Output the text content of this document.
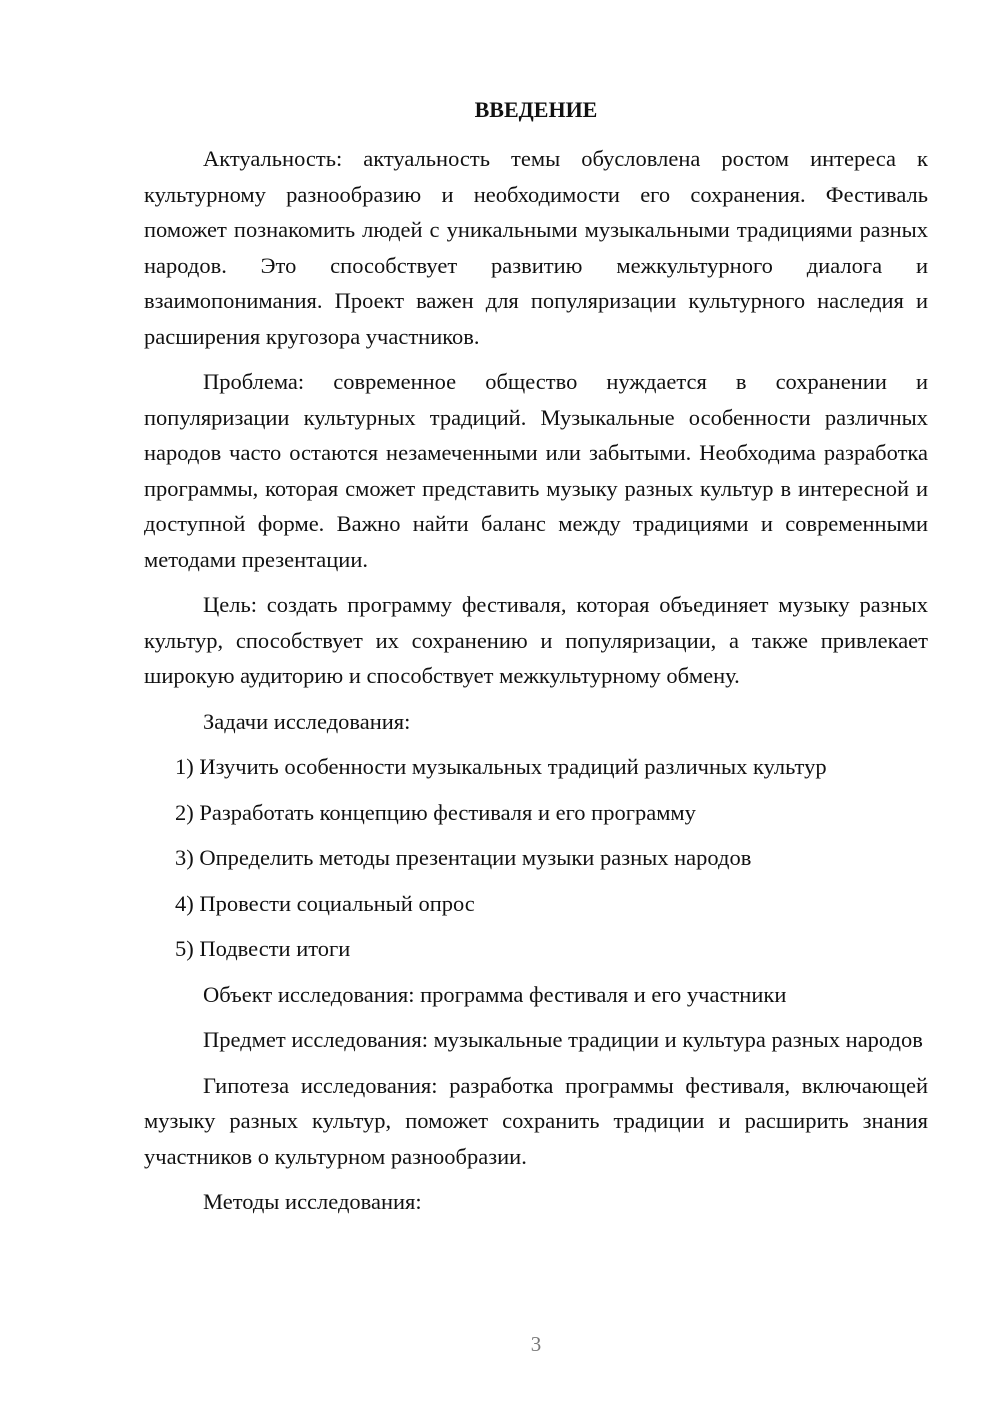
ВВЕДЕНИЕ

Актуальность: актуальность темы обусловлена ростом интереса к культурному разнообразию и необходимости его сохранения. Фестиваль поможет познакомить людей с уникальными музыкальными традициями разных народов. Это способствует развитию межкультурного диалога и взаимопонимания. Проект важен для популяризации культурного наследия и расширения кругозора участников.

Проблема: современное общество нуждается в сохранении и популяризации культурных традиций. Музыкальные особенности различных народов часто остаются незамеченными или забытыми. Необходима разработка программы, которая сможет представить музыку разных культур в интересной и доступной форме. Важно найти баланс между традициями и современными методами презентации.

Цель: создать программу фестиваля, которая объединяет музыку разных культур, способствует их сохранению и популяризации, а также привлекает широкую аудиторию и способствует межкультурному обмену.

Задачи исследования:

1) Изучить особенности музыкальных традиций различных культур

2) Разработать концепцию фестиваля и его программу

3) Определить методы презентации музыки разных народов

4) Провести социальный опрос

5) Подвести итоги

Объект исследования: программа фестиваля и его участники

Предмет исследования: музыкальные традиции и культура разных народов

Гипотеза исследования: разработка программы фестиваля, включающей музыку разных культур, поможет сохранить традиции и расширить знания участников о культурном разнообразии.

Методы исследования:

3
